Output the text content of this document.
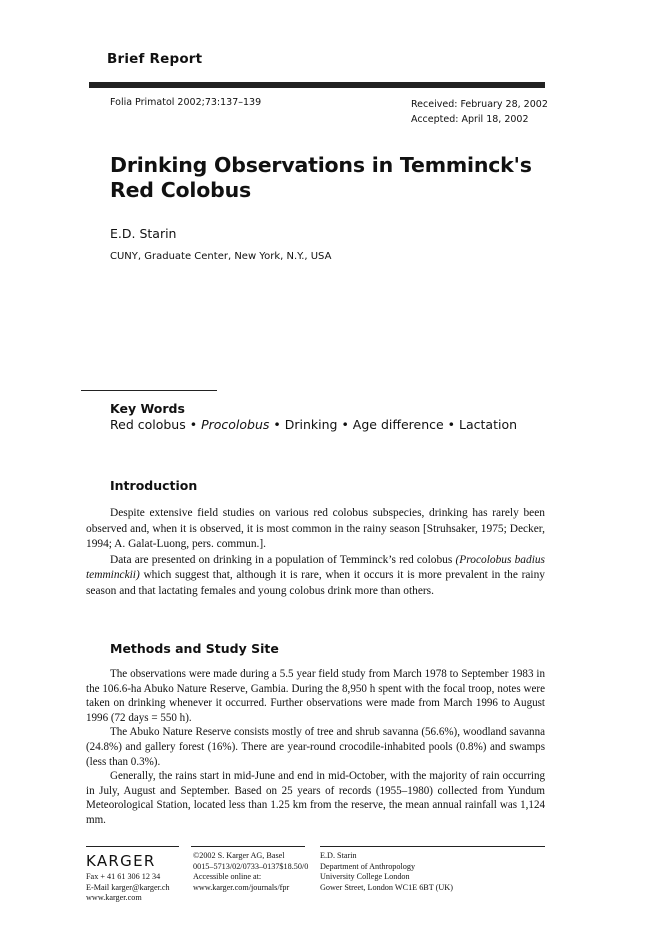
Brief Report
Folia Primatol 2002;73:137–139	Received: February 28, 2002
Accepted: April 18, 2002
Drinking Observations in Temminck's
Red Colobus
E.D. Starin
CUNY, Graduate Center, New York, N.Y., USA
Key Words
Red colobus • Procolobus • Drinking • Age difference • Lactation
Introduction

Despite extensive field studies on various red colobus subspecies, drinking has rarely been observed and, when it is observed, it is most common in the rainy season [Struhsaker, 1975; Decker, 1994; A. Galat-Luong, pers. commun.].

Data are presented on drinking in a population of Temminck’s red colobus (Procolobus badius temminckii) which suggest that, although it is rare, when it occurs it is more prevalent in the rainy season and that lactating females and young colobus drink more than others.

Methods and Study Site

The observations were made during a 5.5 year field study from March 1978 to September 1983 in the 106.6-ha Abuko Nature Reserve, Gambia. During the 8,950 h spent with the focal troop, notes were taken on drinking whenever it occurred. Further observations were made from March 1996 to August 1996 (72 days = 550 h).

The Abuko Nature Reserve consists mostly of tree and shrub savanna (56.6%), woodland savanna (24.8%) and gallery forest (16%). There are year-round crocodile-inhabited pools (0.8%) and swamps (less than 0.3%).

Generally, the rains start in mid-June and end in mid-October, with the majority of rain occurring in July, August and September. Based on 25 years of records (1955–1980) collected from Yundum Meteorological Station, located less than 1.25 km from the reserve, the mean annual rainfall was 1,124 mm.

KARGER
Fax + 41 61 306 12 34
E-Mail karger@karger.ch
www.karger.com
©2002 S. Karger AG, Basel
0015–5713/02/0733–0137$18.50/0
Accessible online at:
www.karger.com/journals/fpr
E.D. Starin
Department of Anthropology
University College London
Gower Street, London WC1E 6BT (UK)
